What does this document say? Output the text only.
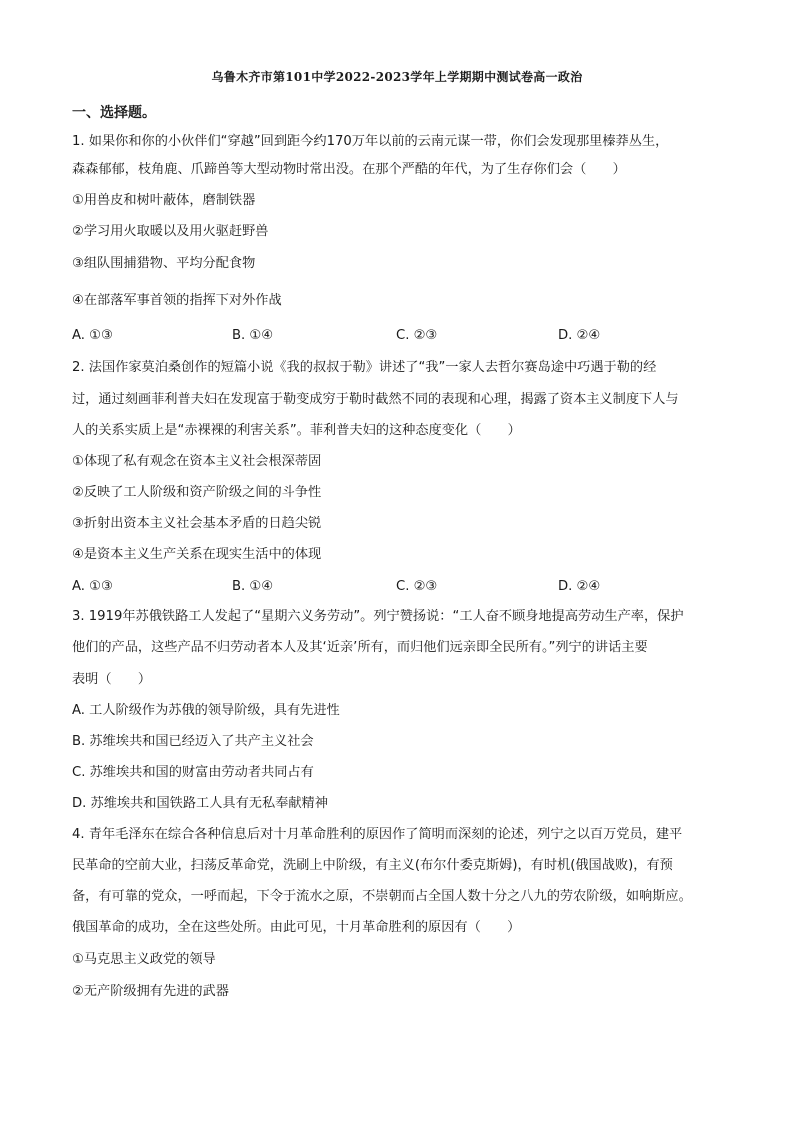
乌鲁木齐市第101中学2022-2023学年上学期期中测试卷高一政治
一、选择题。
1. 如果你和你的小伙伴们“穿越”回到距今约170万年以前的云南元谋一带，你们会发现那里榛莽丛生，
森森郁郁，枝角鹿、爪蹄兽等大型动物时常出没。在那个严酷的年代，为了生存你们会（　　）
①用兽皮和树叶蔽体，磨制铁器
②学习用火取暖以及用火驱赶野兽
③组队围捕猎物、平均分配食物
④在部落军事首领的指挥下对外作战
A. ①③	B. ①④	C. ②③	D. ②④
2. 法国作家莫泊桑创作的短篇小说《我的叔叔于勒》讲述了“我”一家人去哲尔赛岛途中巧遇于勒的经
过，通过刻画菲利普夫妇在发现富于勒变成穷于勒时截然不同的表现和心理，揭露了资本主义制度下人与
人的关系实质上是“赤裸裸的利害关系”。菲利普夫妇的这种态度变化（　　）
①体现了私有观念在资本主义社会根深蒂固
②反映了工人阶级和资产阶级之间的斗争性
③折射出资本主义社会基本矛盾的日趋尖锐
④是资本主义生产关系在现实生活中的体现
A. ①③	B. ①④	C. ②③	D. ②④
3. 1919年苏俄铁路工人发起了“星期六义务劳动”。列宁赞扬说：“工人奋不顾身地提高劳动生产率，保护
他们的产品，这些产品不归劳动者本人及其‘近亲’所有，而归他们远亲即全民所有。”列宁的讲话主要
表明（　　）
A. 工人阶级作为苏俄的领导阶级，具有先进性
B. 苏维埃共和国已经迈入了共产主义社会
C. 苏维埃共和国的财富由劳动者共同占有
D. 苏维埃共和国铁路工人具有无私奉献精神
4. 青年毛泽东在综合各种信息后对十月革命胜利的原因作了简明而深刻的论述，列宁之以百万党员，建平
民革命的空前大业，扫荡反革命党，洗刷上中阶级，有主义(布尔什委克斯姆)，有时机(俄国战败)，有预
备，有可靠的党众，一呼而起，下令于流水之原，不崇朝而占全国人数十分之八九的劳农阶级，如响斯应。
俄国革命的成功，全在这些处所。由此可见，十月革命胜利的原因有（　　）
①马克思主义政党的领导
②无产阶级拥有先进的武器
